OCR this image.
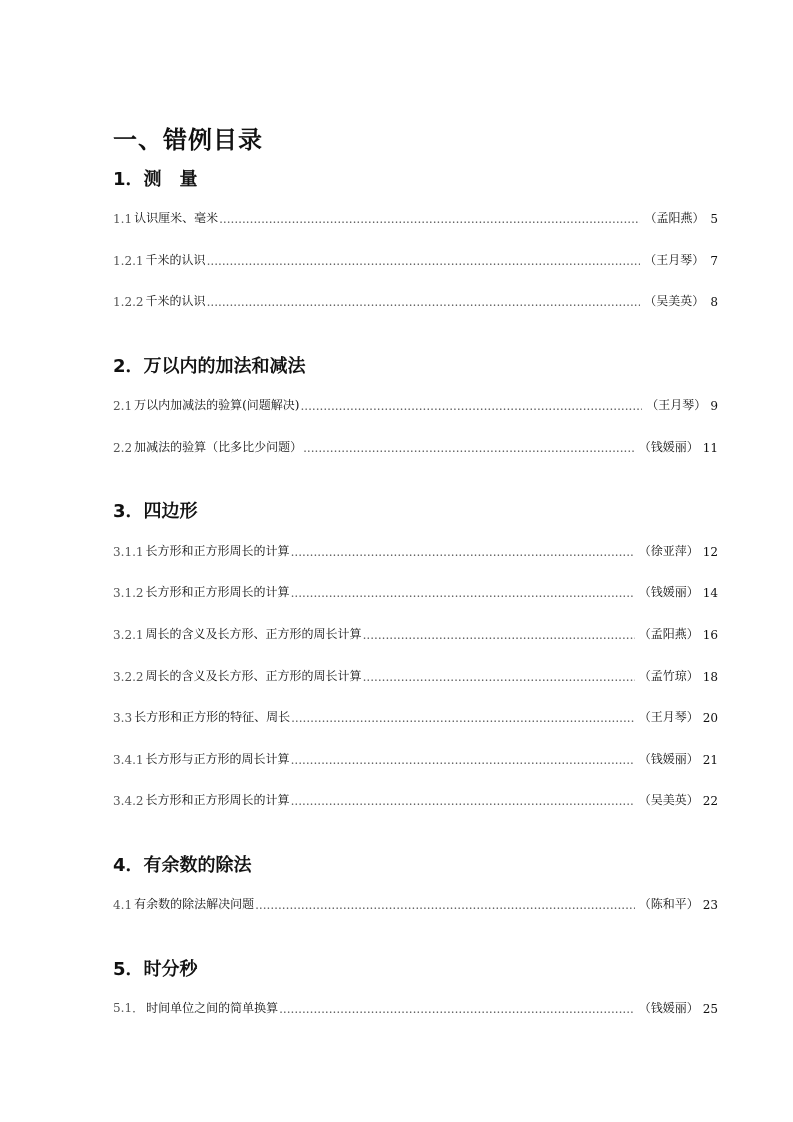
一、错例目录
1．测　量
1.1 认识厘米、毫米 .....	（孟阳燕） 5
1.2.1 千米的认识 .....	（王月琴） 7
1.2.2 千米的认识 .....	（吴美英） 8
2．万以内的加法和减法
2.1 万以内加减法的验算(问题解决) .....	（王月琴） 9
2.2 加减法的验算（比多比少问题） .....	（钱媛丽） 11
3．四边形
3.1.1 长方形和正方形周长的计算 .....	（徐亚萍） 12
3.1.2 长方形和正方形周长的计算 .....	（钱媛丽） 14
3.2.1 周长的含义及长方形、正方形的周长计算 .....	（孟阳燕） 16
3.2.2 周长的含义及长方形、正方形的周长计算 .....	（孟竹琼） 18
3.3 长方形和正方形的特征、周长 .....	（王月琴） 20
3.4.1 长方形与正方形的周长计算 .....	（钱媛丽） 21
3.4.2 长方形和正方形周长的计算 .....	（吴美英） 22
4．有余数的除法
4.1 有余数的除法解决问题 .....	（陈和平） 23
5．时分秒
5.1． 时间单位之间的简单换算 .....	（钱媛丽） 25
